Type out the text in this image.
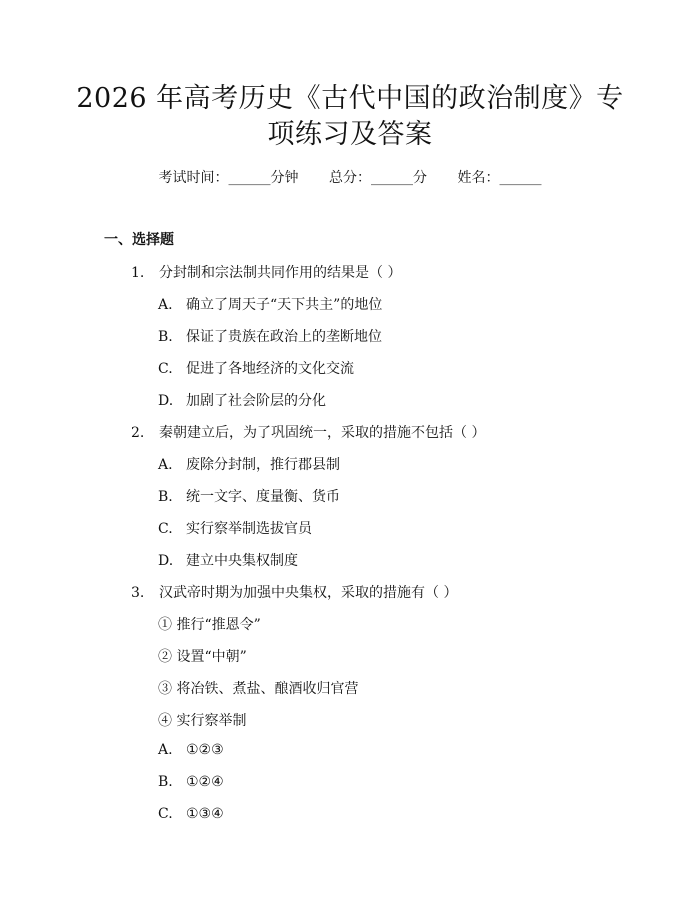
2026 年高考历史《古代中国的政治制度》专
项练习及答案
考试时间：______分钟 总分：______分 姓名：______
一、选择题
1. 分封制和宗法制共同作用的结果是（ ）
A. 确立了周天子“天下共主”的地位
B. 保证了贵族在政治上的垄断地位
C. 促进了各地经济的文化交流
D. 加剧了社会阶层的分化
2. 秦朝建立后，为了巩固统一，采取的措施不包括（ ）
A. 废除分封制，推行郡县制
B. 统一文字、度量衡、货币
C. 实行察举制选拔官员
D. 建立中央集权制度
3. 汉武帝时期为加强中央集权，采取的措施有（ ）
① 推行“推恩令”
② 设置“中朝”
③ 将冶铁、煮盐、酿酒收归官营
④ 实行察举制
A. ①②③
B. ①②④
C. ①③④
